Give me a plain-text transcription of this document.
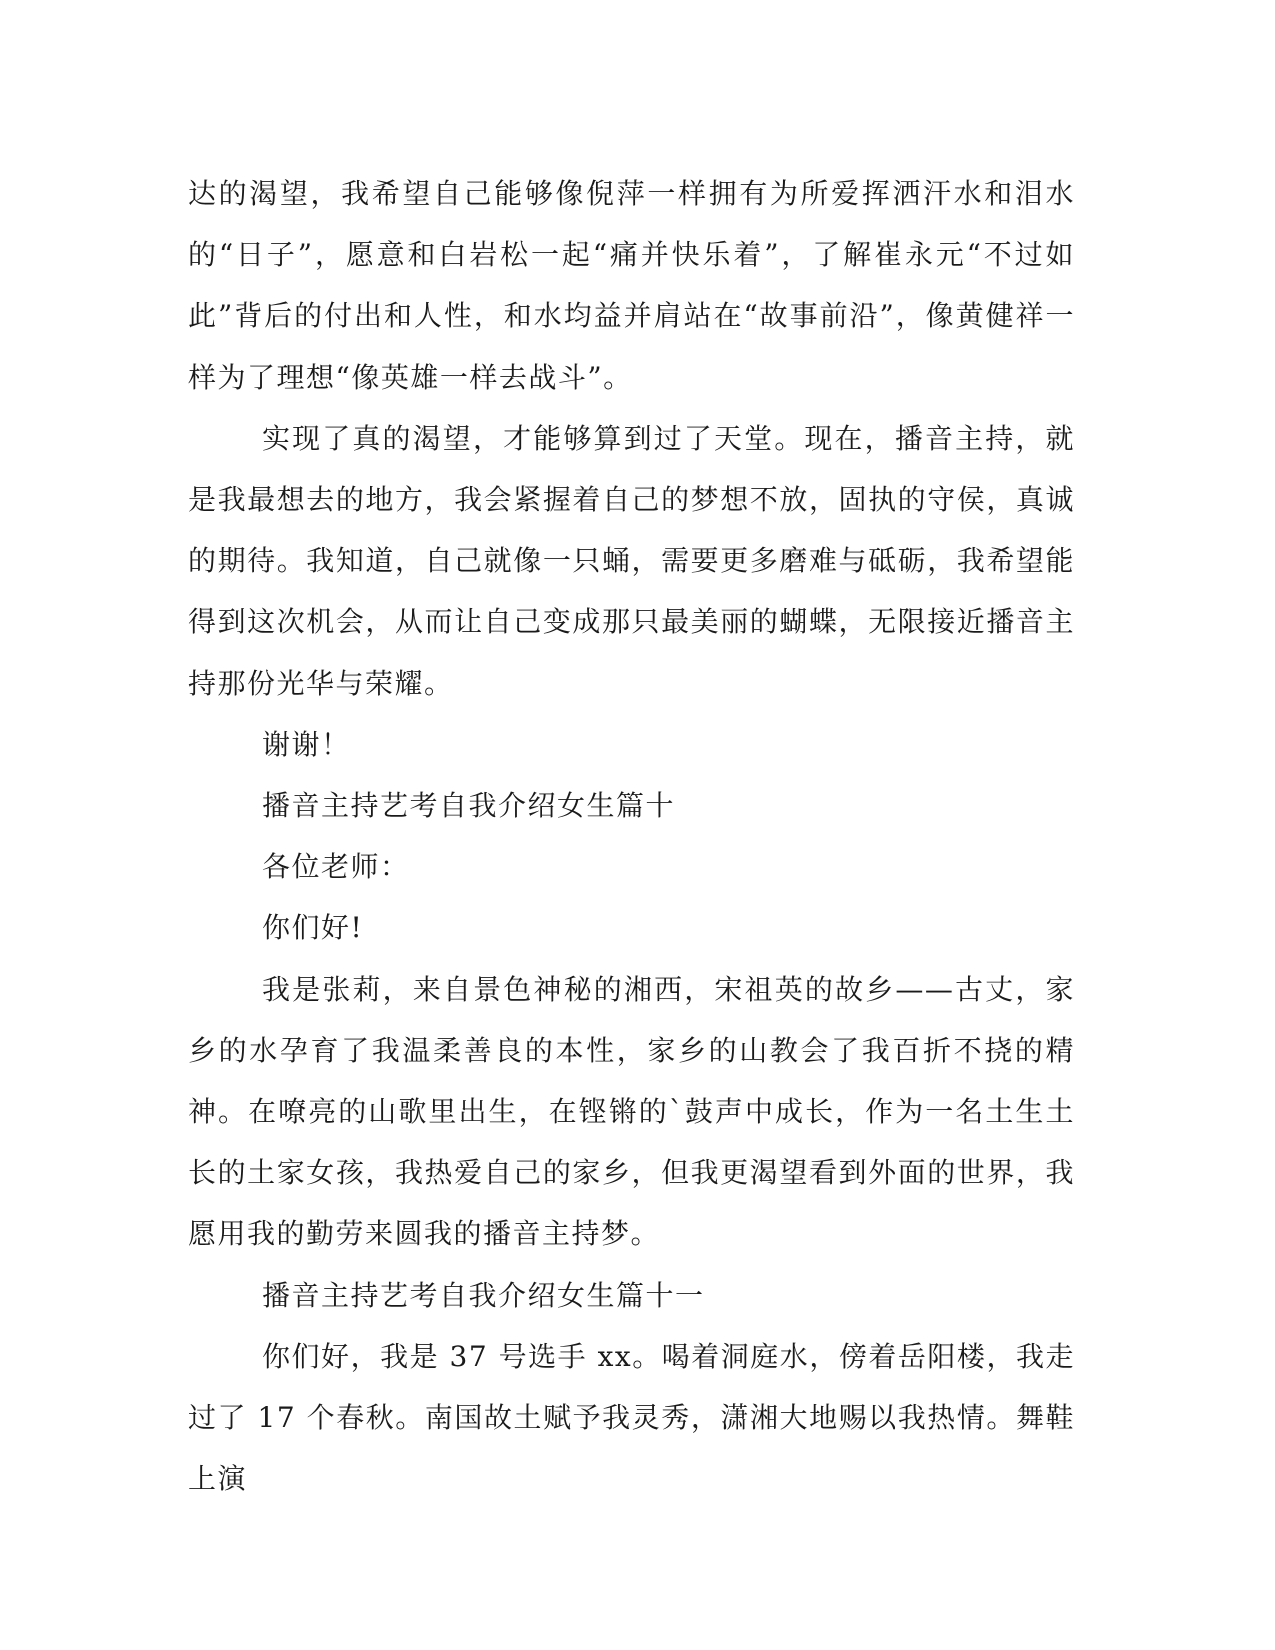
达的渴望，我希望自己能够像倪萍一样拥有为所爱挥洒汗水和泪水的“日子”，愿意和白岩松一起“痛并快乐着”，了解崔永元“不过如此”背后的付出和人性，和水均益并肩站在“故事前沿”，像黄健祥一样为了理想“像英雄一样去战斗”。

实现了真的渴望，才能够算到过了天堂。现在，播音主持，就是我最想去的地方，我会紧握着自己的梦想不放，固执的守侯，真诚的期待。我知道，自己就像一只蛹，需要更多磨难与砥砺，我希望能得到这次机会，从而让自己变成那只最美丽的蝴蝶，无限接近播音主持那份光华与荣耀。

谢谢！

播音主持艺考自我介绍女生篇十

各位老师：

你们好!

我是张莉，来自景色神秘的湘西，宋祖英的故乡——古丈，家乡的水孕育了我温柔善良的本性，家乡的山教会了我百折不挠的精神。在嘹亮的山歌里出生，在铿锵的`鼓声中成长，作为一名土生土长的土家女孩，我热爱自己的家乡，但我更渴望看到外面的世界，我愿用我的勤劳来圆我的播音主持梦。

播音主持艺考自我介绍女生篇十一

你们好，我是 37 号选手 xx。喝着洞庭水，傍着岳阳楼，我走过了 17 个春秋。南国故土赋予我灵秀，潇湘大地赐以我热情。舞鞋上演
